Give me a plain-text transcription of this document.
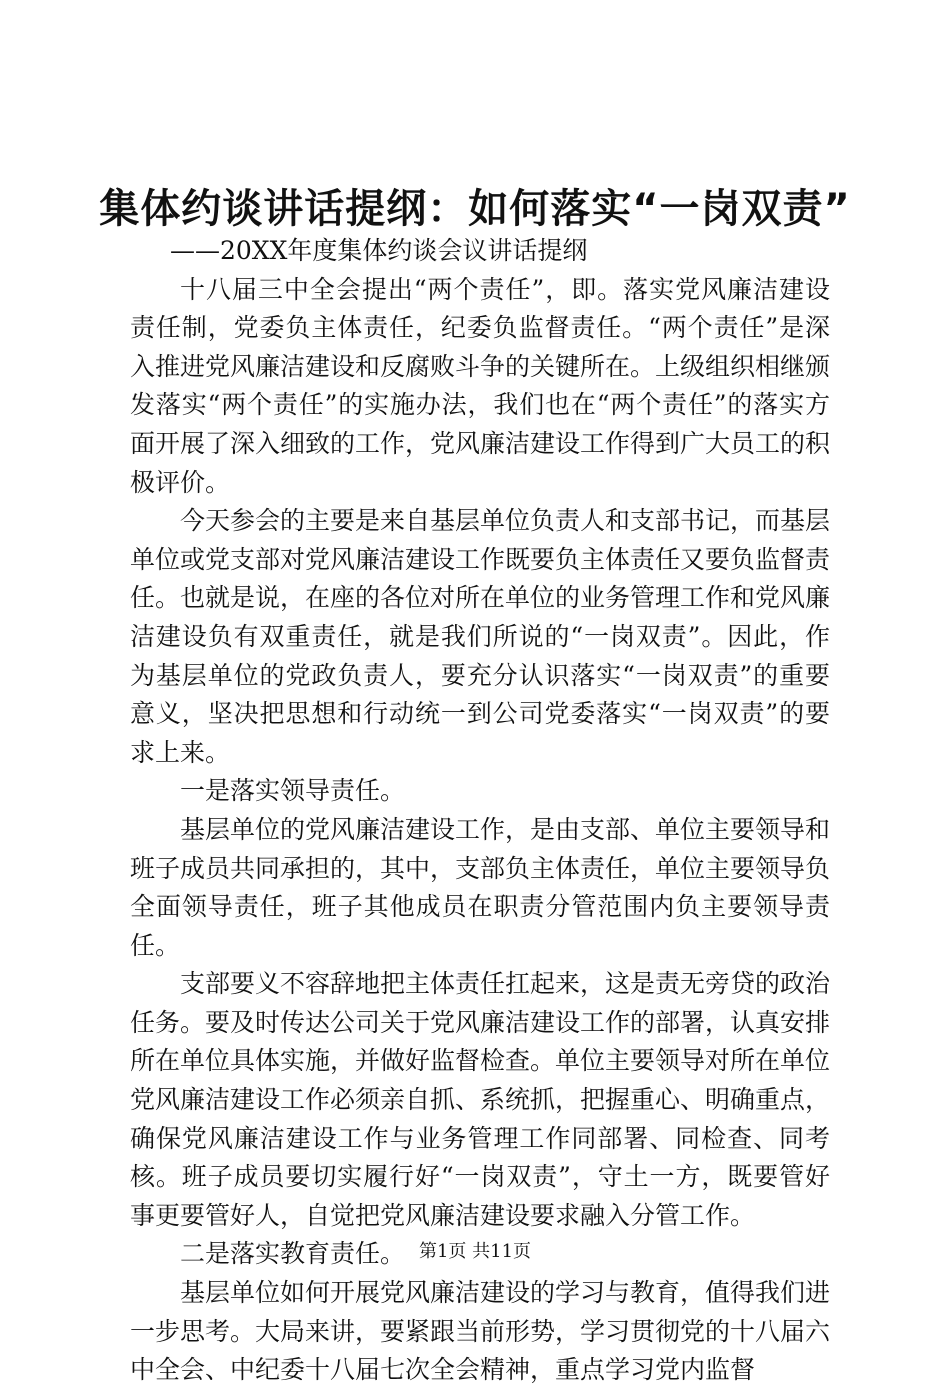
集体约谈讲话提纲：如何落实“一岗双责”

——20XX年度集体约谈会议讲话提纲

十八届三中全会提出“两个责任”，即。落实党风廉洁建设责任制，党委负主体责任，纪委负监督责任。“两个责任”是深入推进党风廉洁建设和反腐败斗争的关键所在。上级组织相继颁发落实“两个责任”的实施办法，我们也在“两个责任”的落实方面开展了深入细致的工作，党风廉洁建设工作得到广大员工的积极评价。

今天参会的主要是来自基层单位负责人和支部书记，而基层单位或党支部对党风廉洁建设工作既要负主体责任又要负监督责任。也就是说，在座的各位对所在单位的业务管理工作和党风廉洁建设负有双重责任，就是我们所说的“一岗双责”。因此，作为基层单位的党政负责人，要充分认识落实“一岗双责”的重要意义，坚决把思想和行动统一到公司党委落实“一岗双责”的要求上来。

一是落实领导责任。

基层单位的党风廉洁建设工作，是由支部、单位主要领导和班子成员共同承担的，其中，支部负主体责任，单位主要领导负全面领导责任，班子其他成员在职责分管范围内负主要领导责任。

支部要义不容辞地把主体责任扛起来，这是责无旁贷的政治任务。要及时传达公司关于党风廉洁建设工作的部署，认真安排所在单位具体实施，并做好监督检查。单位主要领导对所在单位党风廉洁建设工作必须亲自抓、系统抓，把握重心、明确重点，确保党风廉洁建设工作与业务管理工作同部署、同检查、同考核。班子成员要切实履行好“一岗双责”，守土一方，既要管好事更要管好人，自觉把党风廉洁建设要求融入分管工作。

二是落实教育责任。

基层单位如何开展党风廉洁建设的学习与教育，值得我们进一步思考。大局来讲，要紧跟当前形势，学习贯彻党的十八届六中全会、中纪委十八届七次全会精神，重点学习党内监督

第1页 共11页
